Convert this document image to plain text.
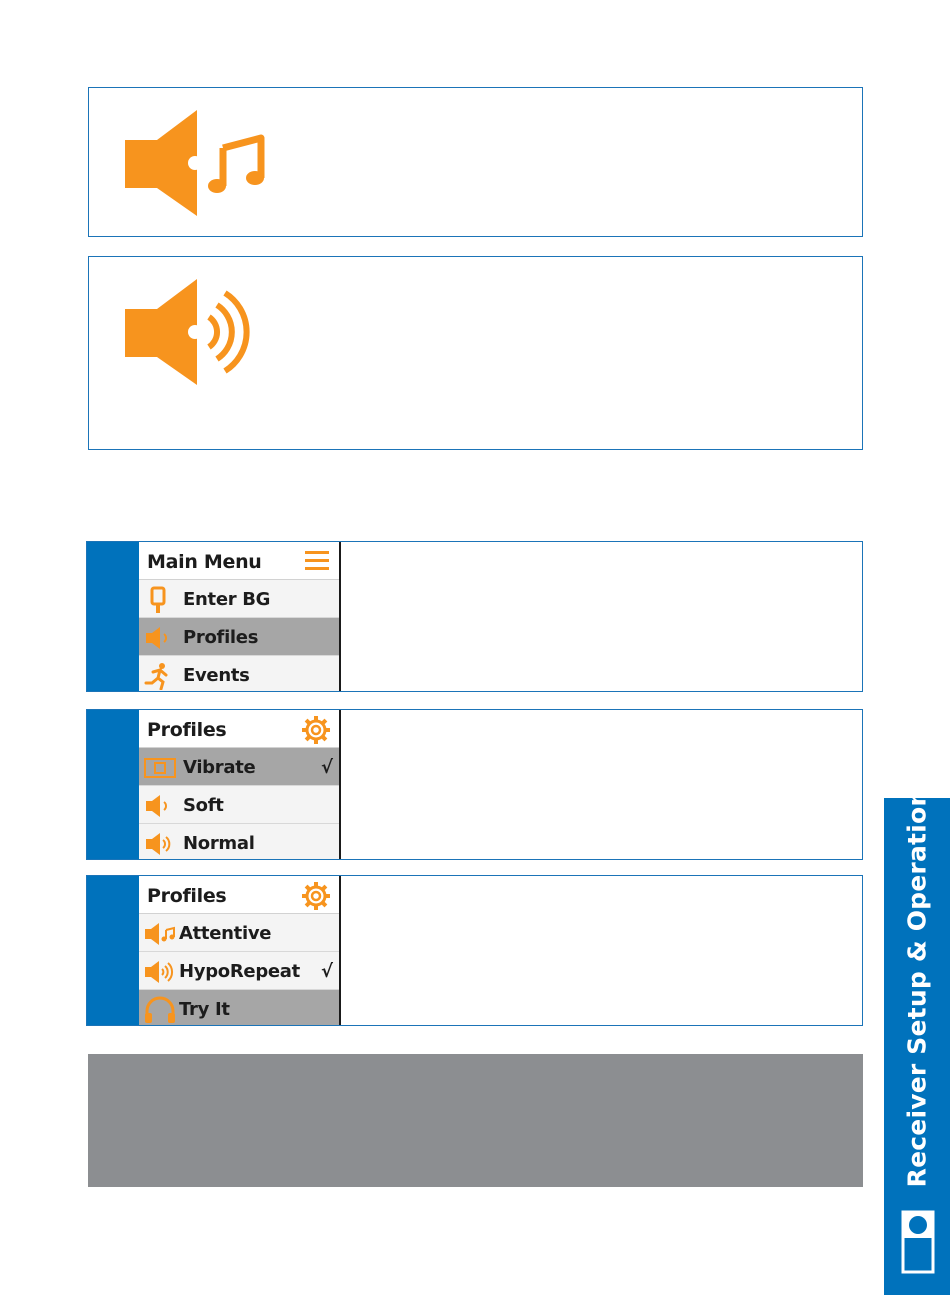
Main Menu
Enter BG
Profiles
Events
Profiles
Vibrate	√
Soft
Normal
Profiles
Attentive
HypoRepeat √
Try It	Receiver Setup & Operation
